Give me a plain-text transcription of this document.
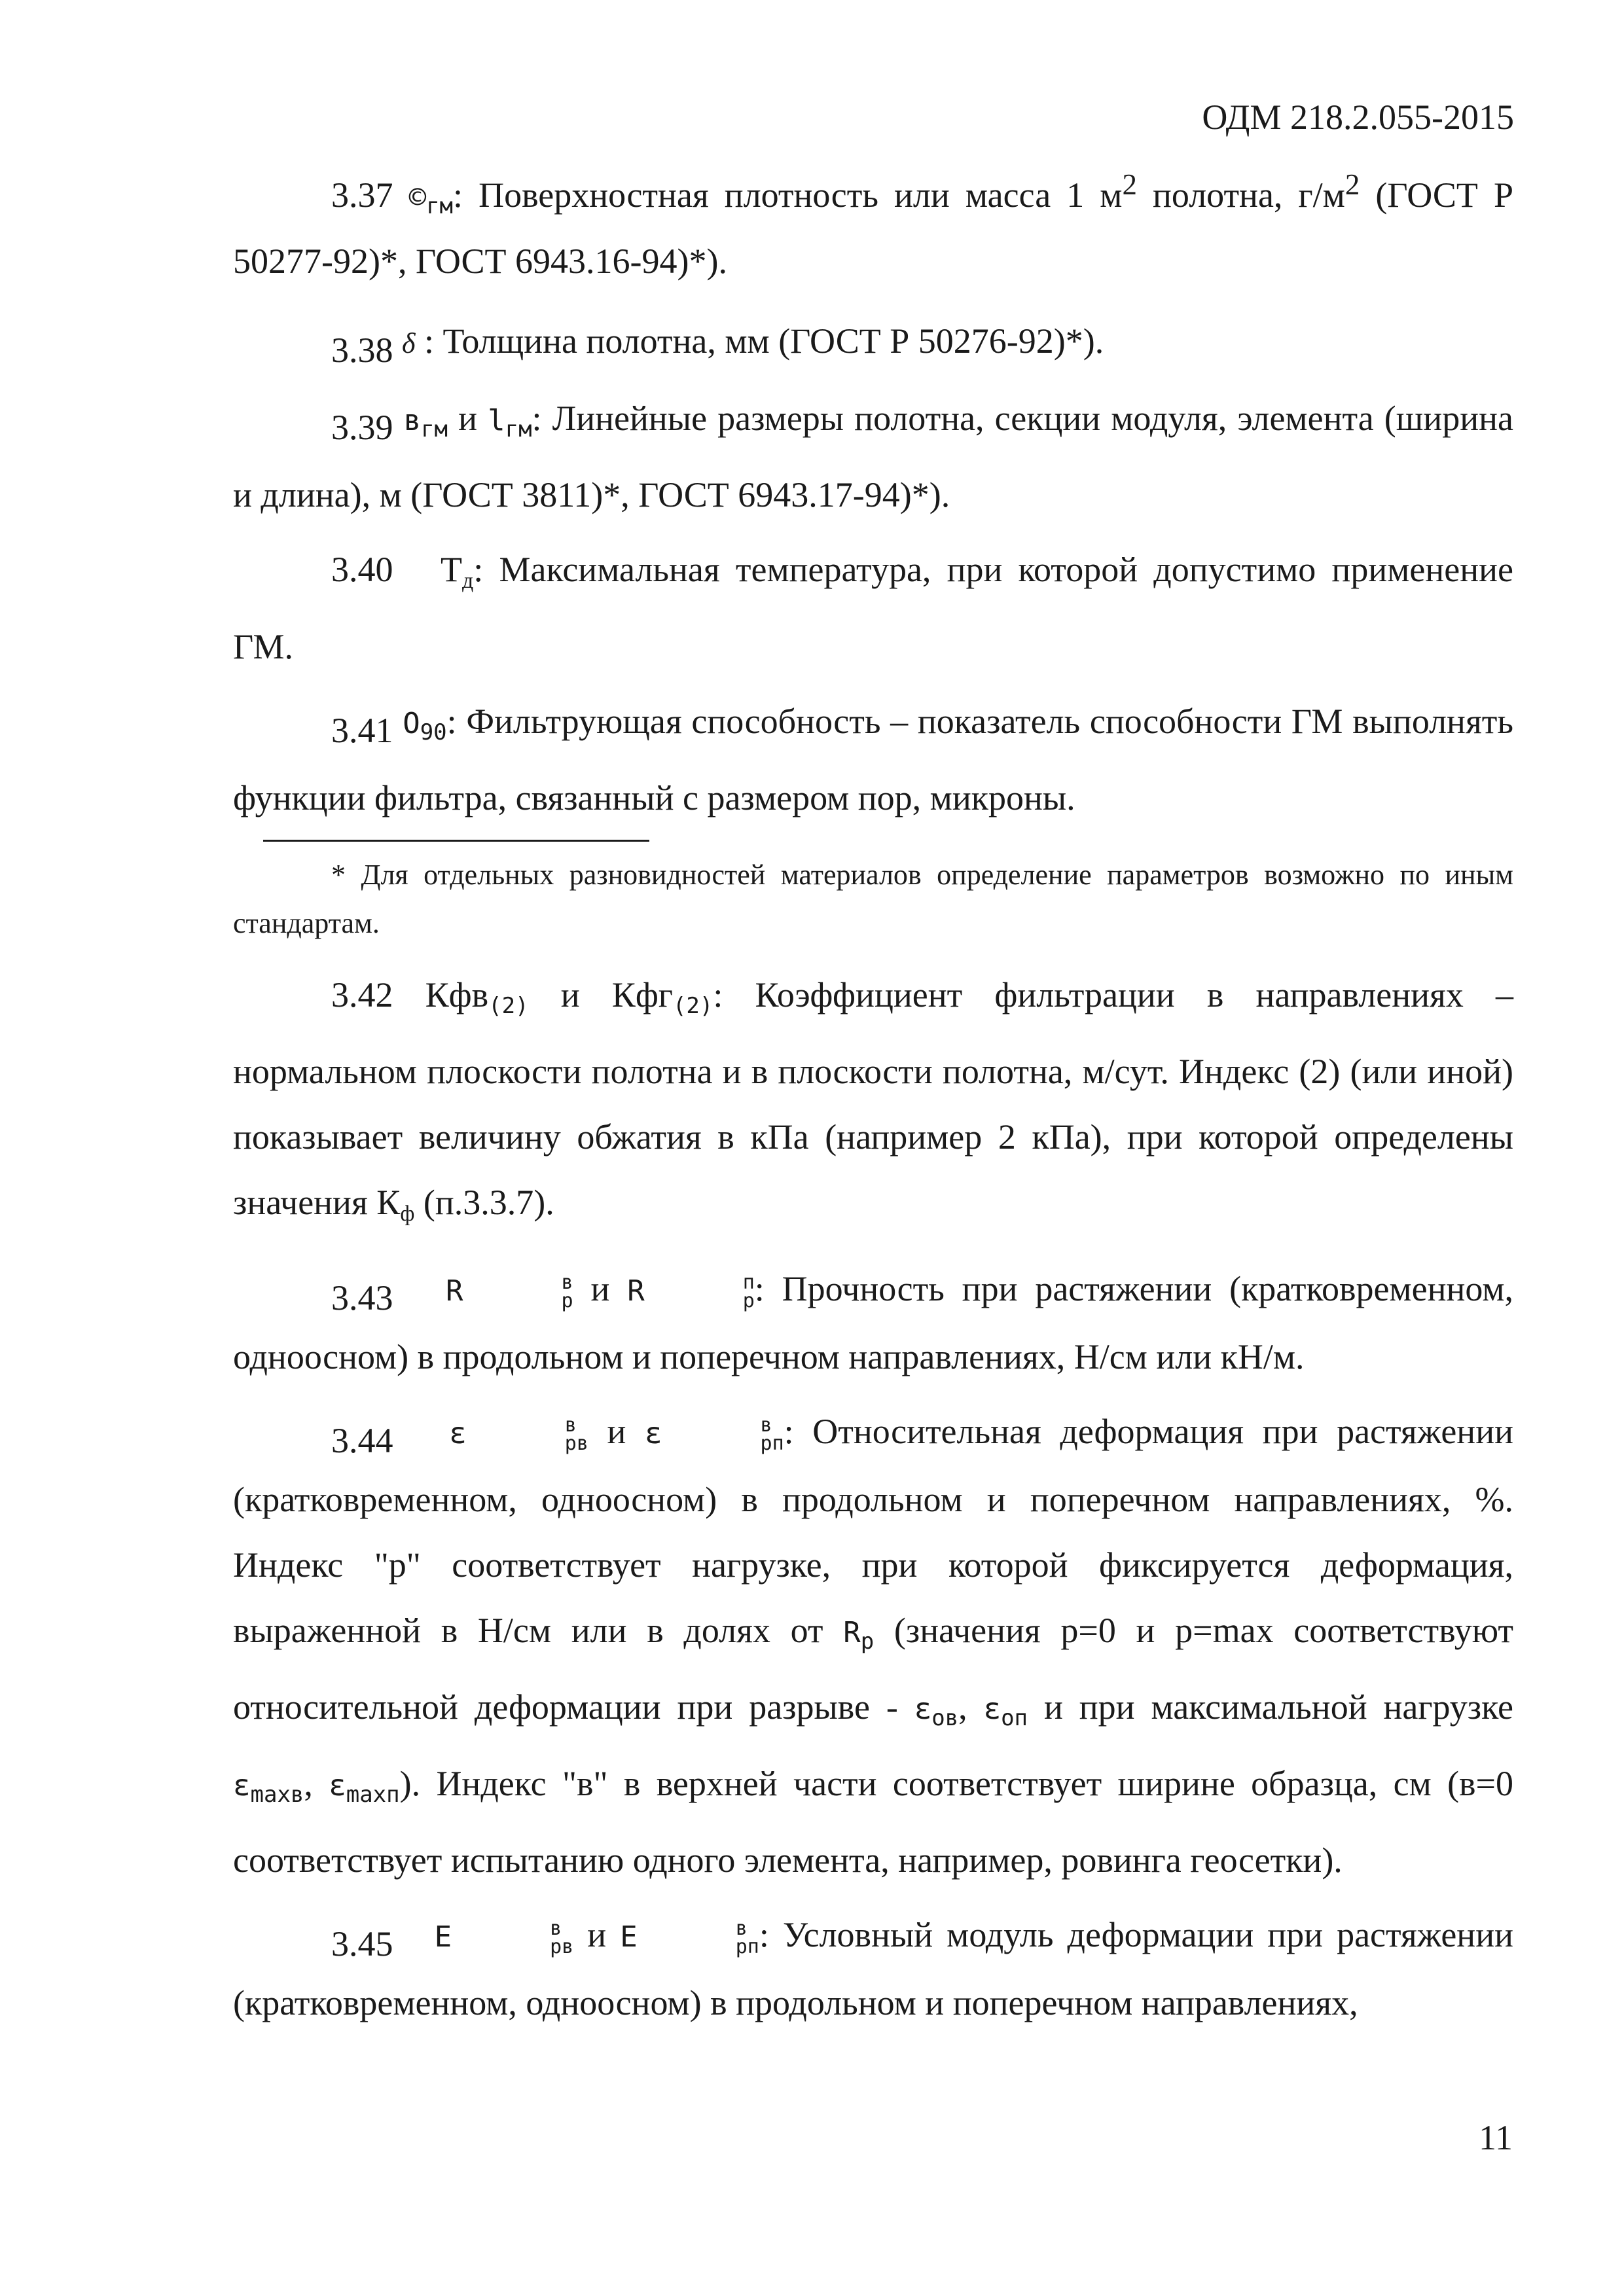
ОДМ 218.2.055-2015

3.37 $©_{гм}$: Поверхностная плотность или масса 1 $м^2$ полотна, $г/м^2$ (ГОСТ Р 50277-92)*, ГОСТ 6943.16-94)*).

3.38 δ : Толщина полотна, мм (ГОСТ Р 50276-92)*).

3.39 $в_{гм}$ и $l_{гм}$: Линейные размеры полотна, секции модуля, элемента (ширина и длина), м (ГОСТ 3811)*, ГОСТ 6943.17-94)*).

3.40 $Т_д$: Максимальная температура, при которой допустимо применение ГМ.

3.41 $О_{90}$: Фильтрующая способность – показатель способности ГМ выполнять функции фильтра, связанный с размером пор, микроны.

* Для отдельных разновидностей материалов определение параметров возможно по иным стандартам.

3.42 Кфв$_{(2)}$ и Кфг$_{(2)}$: Коэффициент фильтрации в направлениях – нормальном плоскости полотна и в плоскости полотна, м/сут. Индекс (2) (или иной) показывает величину обжатия в кПа (например 2 кПа), при которой определены значения $К_ф$ (п.3.3.7).

3.43 R	в
р и R	п
р : Прочность при растяжении (кратковременном, одноосном) в продольном и поперечном направлениях, Н/см или кН/м.

3.44 ε	в
рв и ε	в
рп : Относительная деформация при растяжении (кратковременном, одноосном) в продольном и поперечном направлениях, %. Индекс "р" соответствует нагрузке, при которой фиксируется деформация, выраженной в Н/см или в долях от $R_р$ (значения р=0 и р=max соответствуют относительной деформации при разрыве - $\varepsilon_{ов}$, $\varepsilon_{оп}$ и при максимальной нагрузке $\varepsilon_{maxв}$, $\varepsilon_{maxп}$). Индекс "в" в верхней части соответствует ширине образца, см (в=0 соответствует испытанию одного элемента, например, ровинга геосетки).

3.45 E	в
рв и E	в
рп : Условный модуль деформации при растяжении (кратковременном, одноосном) в продольном и поперечном направлениях,

11
